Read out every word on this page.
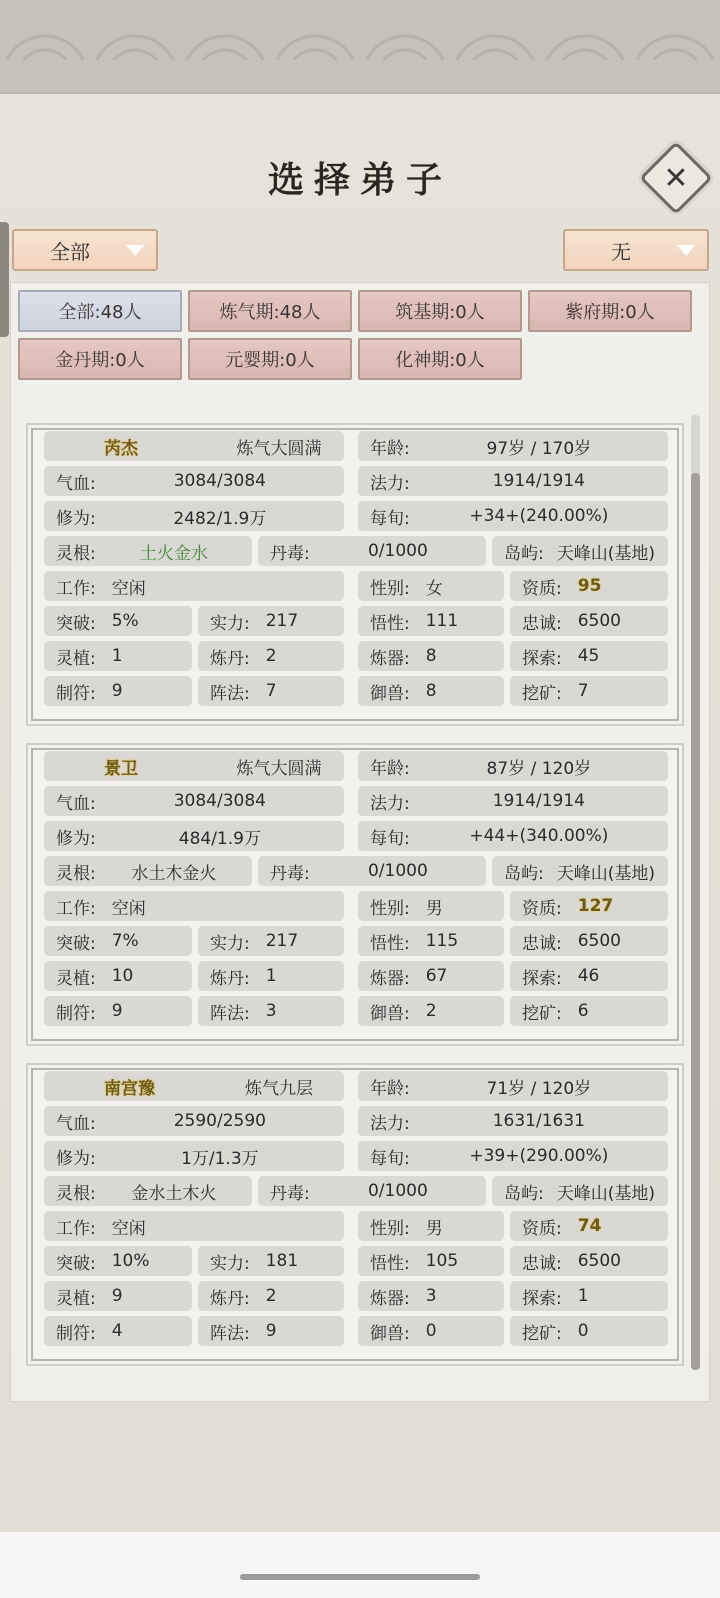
选择弟子	✕
全部	无
全部:48人	炼气期:48人	筑基期:0人	紫府期:0人
金丹期:0人	元婴期:0人	化神期:0人
芮杰	炼气大圆满	年龄:	97岁 / 170岁
气血:	3084/3084	法力:	1914/1914
修为:	2482/1.9万	每旬:	+34+(240.00%)
灵根:	土火金水	丹毒:	0/1000	岛屿: 天峰山(基地)
工作: 空闲	性别: 女	资质: 95
突破: 5%	实力: 217	悟性: 111	忠诚: 6500
灵植: 1	炼丹: 2	炼器: 8	探索: 45
制符: 9	阵法: 7	御兽: 8	挖矿: 7
景卫	炼气大圆满	年龄:	87岁 / 120岁
气血:	3084/3084	法力:	1914/1914
修为:	484/1.9万	每旬:	+44+(340.00%)
灵根:	水土木金火	丹毒:	0/1000	岛屿: 天峰山(基地)
工作: 空闲	性别: 男	资质: 127
突破: 7%	实力: 217	悟性: 115	忠诚: 6500
灵植: 10	炼丹: 1	炼器: 67	探索: 46
制符: 9	阵法: 3	御兽: 2	挖矿: 6
南宫豫	炼气九层	年龄:	71岁 / 120岁
气血:	2590/2590	法力:	1631/1631
修为:	1万/1.3万	每旬:	+39+(290.00%)
灵根:	金水土木火	丹毒:	0/1000	岛屿: 天峰山(基地)
工作: 空闲	性别: 男	资质: 74
突破: 10%	实力: 181	悟性: 105	忠诚: 6500
灵植: 9	炼丹: 2	炼器: 3	探索: 1
制符: 4	阵法: 9	御兽: 0	挖矿: 0
